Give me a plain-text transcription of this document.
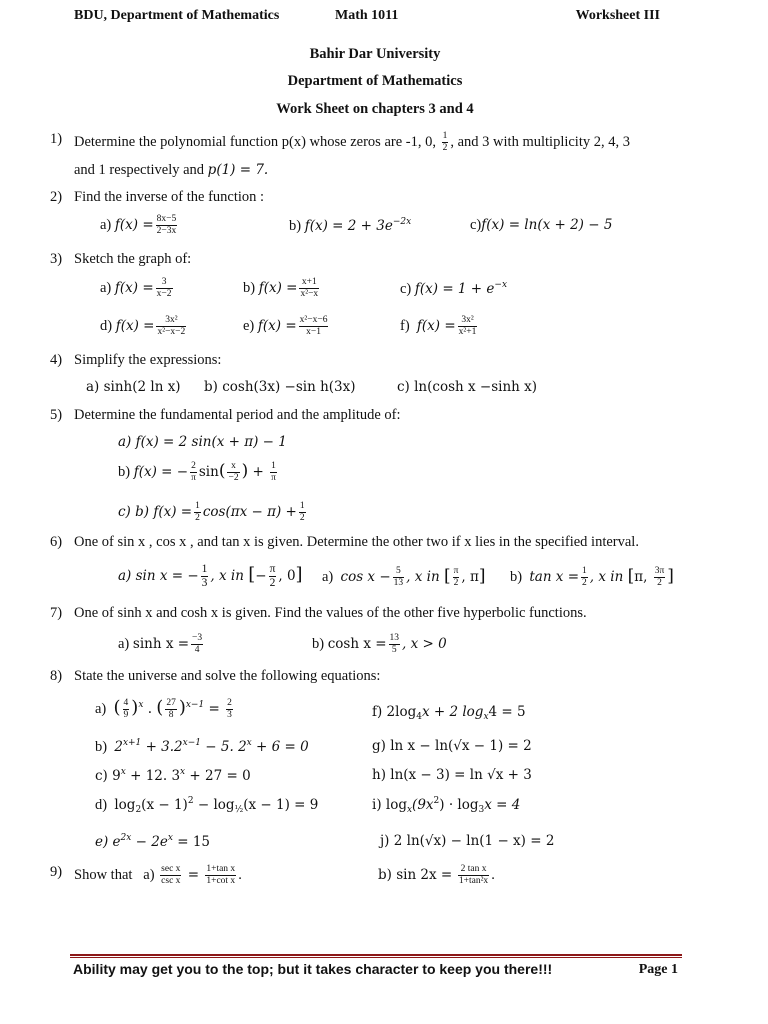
BDU, Department of Mathematics	Math 1011	Worksheet III
Bahir Dar University
Department of Mathematics
Work Sheet on chapters 3 and 4
1) Determine the polynomial function p(x) whose zeros are -1, 0, $\frac{1}{2}$ , and 3 with multiplicity 2, 4, 3
and 1 respectively and p(1) = 7.
2) Find the inverse of the function :
a) $f(x) = \frac{8x-5}{2-3x}$	b) $f(x) = 2 + 3e^{-2x}$	c)f(x) = ln(x + 2) − 5
3) Sketch the graph of:
a) $f(x) = \frac{3}{x-2}$	b) $f(x) = \frac{x+1}{\text{x²−x}}$	c) $f(x) = 1 + e^{-x}$
d) $f(x) = \frac{\text{3x²}}{\text{x²−x−2}}$	e) $f(x) = \frac{\text{x²−x−6}}{x-1}$	f)  $f(x) = \frac{\text{3x²}}{\text{x²+1}}$
4) Simplify the expressions:
a) sinh(2 ln x) b) cosh(3x) −sin h(3x)	c) ln(cosh x −sinh x)
5) Determine the fundamental period and the amplitude of:
a) f(x) = 2 sin(x + π) − 1
b) f(x) = − $\frac{2}{\pi} \sin( \frac{x}{-2}$ ) + $\frac{1}{\pi}$
c) b) $f(x) = \frac{1}{2} \cos(\pi x - \pi) + \frac{1}{2}$
6) One of sin x , cos x , and tan x is given. Determine the other two if x lies in the specified interval.
a) sin x = − $\frac{1}{3}$ , x in [− $\frac{\pi}{2}$ , 0] a)  $\cos x - \frac{5}{13}$ , x in [ $\frac{\pi}{2}$ , π] b)  $\tan x = \frac{1}{2}$ , x in [π, $\frac{3\pi}{2}$ ]
7) One of sinh x and cosh x is given. Find the values of the other five hyperbolic functions.
a) $\sinh x = \frac{-3}{4}$	b) $\cosh x = \frac{13}{5}$ , x > 0
8) State the universe and solve the following equations:
a)  ( $\frac{4}{9} )^x$ . ( $\frac{27}{8} )^{x-1} = \frac{2}{3}$	f) $2\log_4x + 2$ $\log_x4 = 5$
b)  $2^{x+1} + 3.2^{x-1} - 5$. $2^x + 6 = 0$	g) ln x − ln(√x − 1) = 2
c) $9^x + 12$. $3^x + 27 = 0$	h) ln(x − 3) = ln √x + 3
d)  $\log_2(x - 1)^2 - \log_{\frac{1}{2}}(x - 1) = 9$	i) $\log_x(9x^2) \cdot \log_3x = 4$
e) $e^{2x} - 2e^x = 15$	j) 2 ln(√x) − ln(1 − x) = 2
9) Show that $a) \frac{\text{sec x}}{\text{csc x}} = \frac{\text{1+tan x}}{\text{1+cot x}}$ .	b) $\sin 2x = \frac{\text{2 tan x}}{\text{1+tan²x}}$ .
Ability may get you to the top; but it takes character to keep you there!!!	Page 1
